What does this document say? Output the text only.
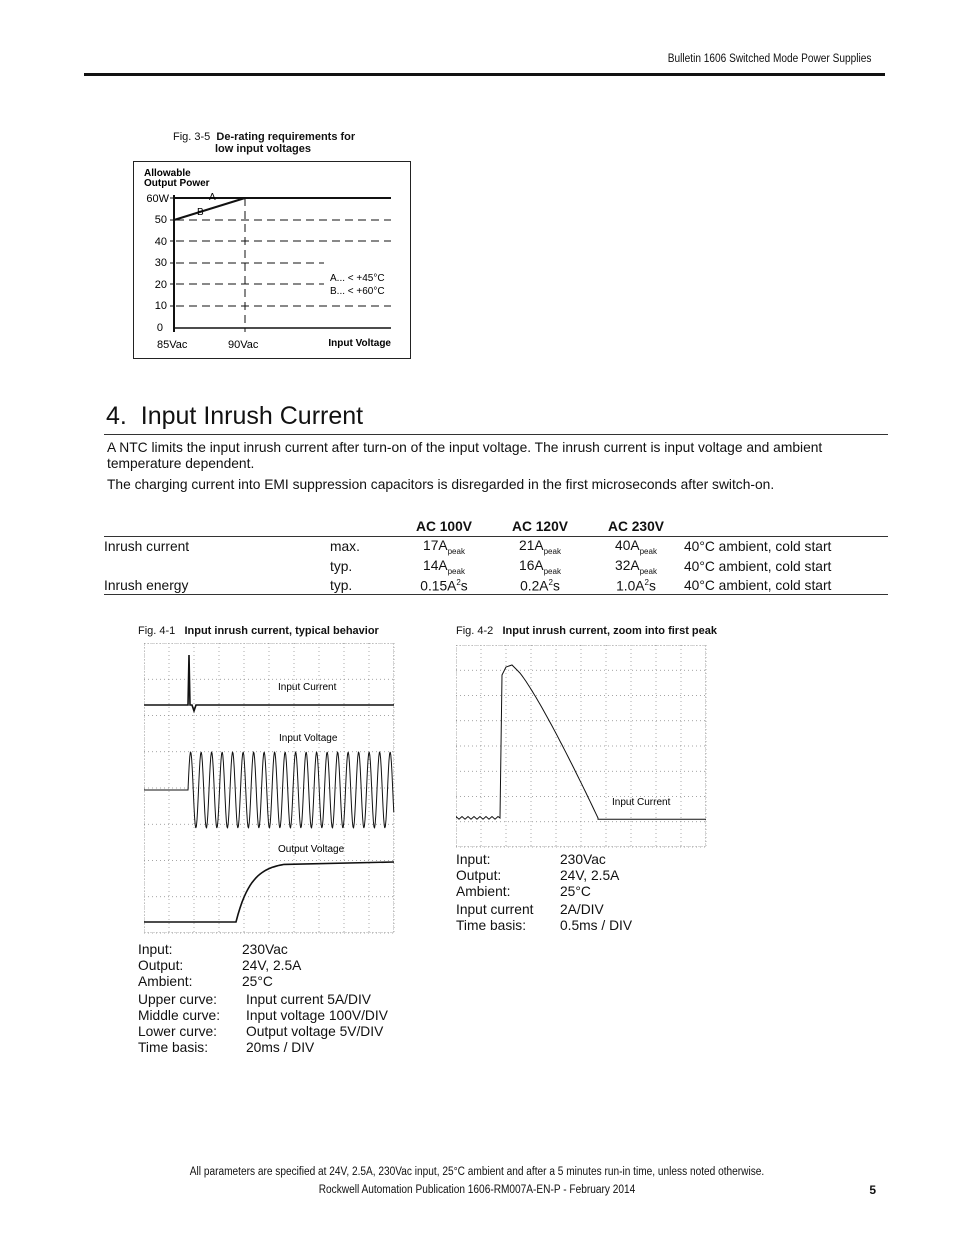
Bulletin 1606 Switched Mode Power Supplies
Fig. 3-5 De-rating requirements for
low input voltages
Allowable
Output Power
60W
50
40
30
20
10
0
A
B
A... < +45°C
B... < +60°C
85Vac	90Vac	Input Voltage
4. Input Inrush Current
A NTC limits the input inrush current after turn-on of the input voltage. The inrush current is input voltage and ambient temperature dependent.
The charging current into EMI suppression capacitors is disregarded in the first microseconds after switch-on.
		AC 100V	AC 120V	AC 230V	
Inrush current	max.	$17A_{peak}$	$21A_{peak}$	$40A_{peak}$	40°C ambient, cold start
	typ.	$14A_{peak}$	$16A_{peak}$	$32A_{peak}$	40°C ambient, cold start
Inrush energy	typ.	$0.15A^2s$	$0.2A^2s$	$1.0A^2s$	40°C ambient, cold start
Fig. 4-1 Input inrush current, typical behavior
Input Current
Input Voltage
Output Voltage
Input:	230Vac
Output:	24V, 2.5A
Ambient:	25°C
Upper curve: Input current 5A/DIV
Middle curve: Input voltage 100V/DIV
Lower curve: Output voltage 5V/DIV
Time basis:	20ms / DIV
Fig. 4-2 Input inrush current, zoom into first peak
Input Current
Input:	230Vac
Output:	24V, 2.5A
Ambient:	25°C
Input current 2A/DIV
Time basis: 0.5ms / DIV
All parameters are specified at 24V, 2.5A, 230Vac input, 25°C ambient and after a 5 minutes run-in time, unless noted otherwise.
Rockwell Automation Publication 1606-RM007A-EN-P - February 2014	5
